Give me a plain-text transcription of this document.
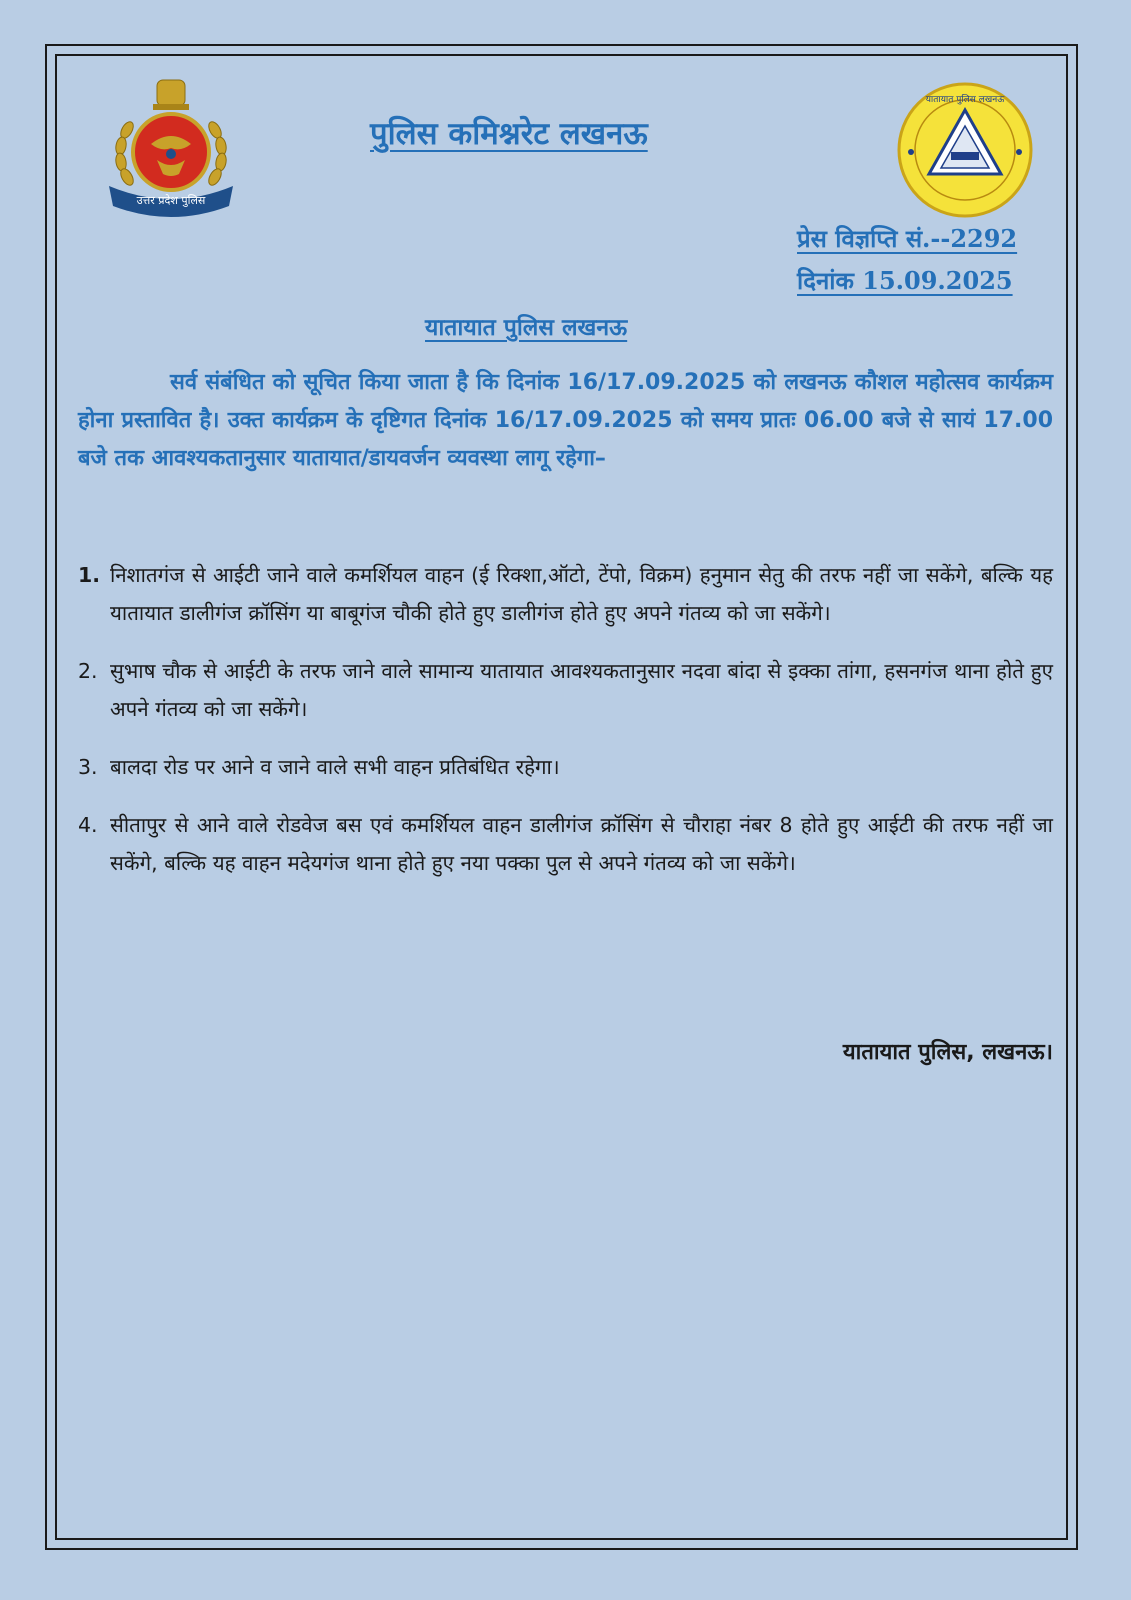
उत्तर प्रदेश पुलिस
यातायात पुलिस लखनऊ
पुलिस कमिश्नरेट लखनऊ
प्रेस विज्ञप्ति सं.--2292
दिनांक 15.09.2025
यातायात पुलिस लखनऊ

सर्व संबंधित को सूचित किया जाता है कि दिनांक 16/17.09.2025 को लखनऊ कौशल महोत्सव कार्यक्रम होना प्रस्तावित है। उक्त कार्यक्रम के दृष्टिगत दिनांक 16/17.09.2025 को समय प्रातः 06.00 बजे से सायं 17.00 बजे तक आवश्यकतानुसार यातायात/डायवर्जन व्यवस्था लागू रहेगा–

1. निशातगंज से आईटी जाने वाले कमर्शियल वाहन (ई रिक्शा,ऑटो, टेंपो, विक्रम) हनुमान सेतु की तरफ नहीं जा सकेंगे, बल्कि यह यातायात डालीगंज क्रॉसिंग या बाबूगंज चौकी होते हुए डालीगंज होते हुए अपने गंतव्य को जा सकेंगे।
2. सुभाष चौक से आईटी के तरफ जाने वाले सामान्य यातायात आवश्यकतानुसार नदवा बांदा से इक्का तांगा, हसनगंज थाना होते हुए अपने गंतव्य को जा सकेंगे।
3. बालदा रोड पर आने व जाने वाले सभी वाहन प्रतिबंधित रहेगा।
4. सीतापुर से आने वाले रोडवेज बस एवं कमर्शियल वाहन डालीगंज क्रॉसिंग से चौराहा नंबर 8 होते हुए आईटी की तरफ नहीं जा सकेंगे, बल्कि यह वाहन मदेयगंज थाना होते हुए नया पक्का पुल से अपने गंतव्य को जा सकेंगे।
यातायात पुलिस, लखनऊ।
